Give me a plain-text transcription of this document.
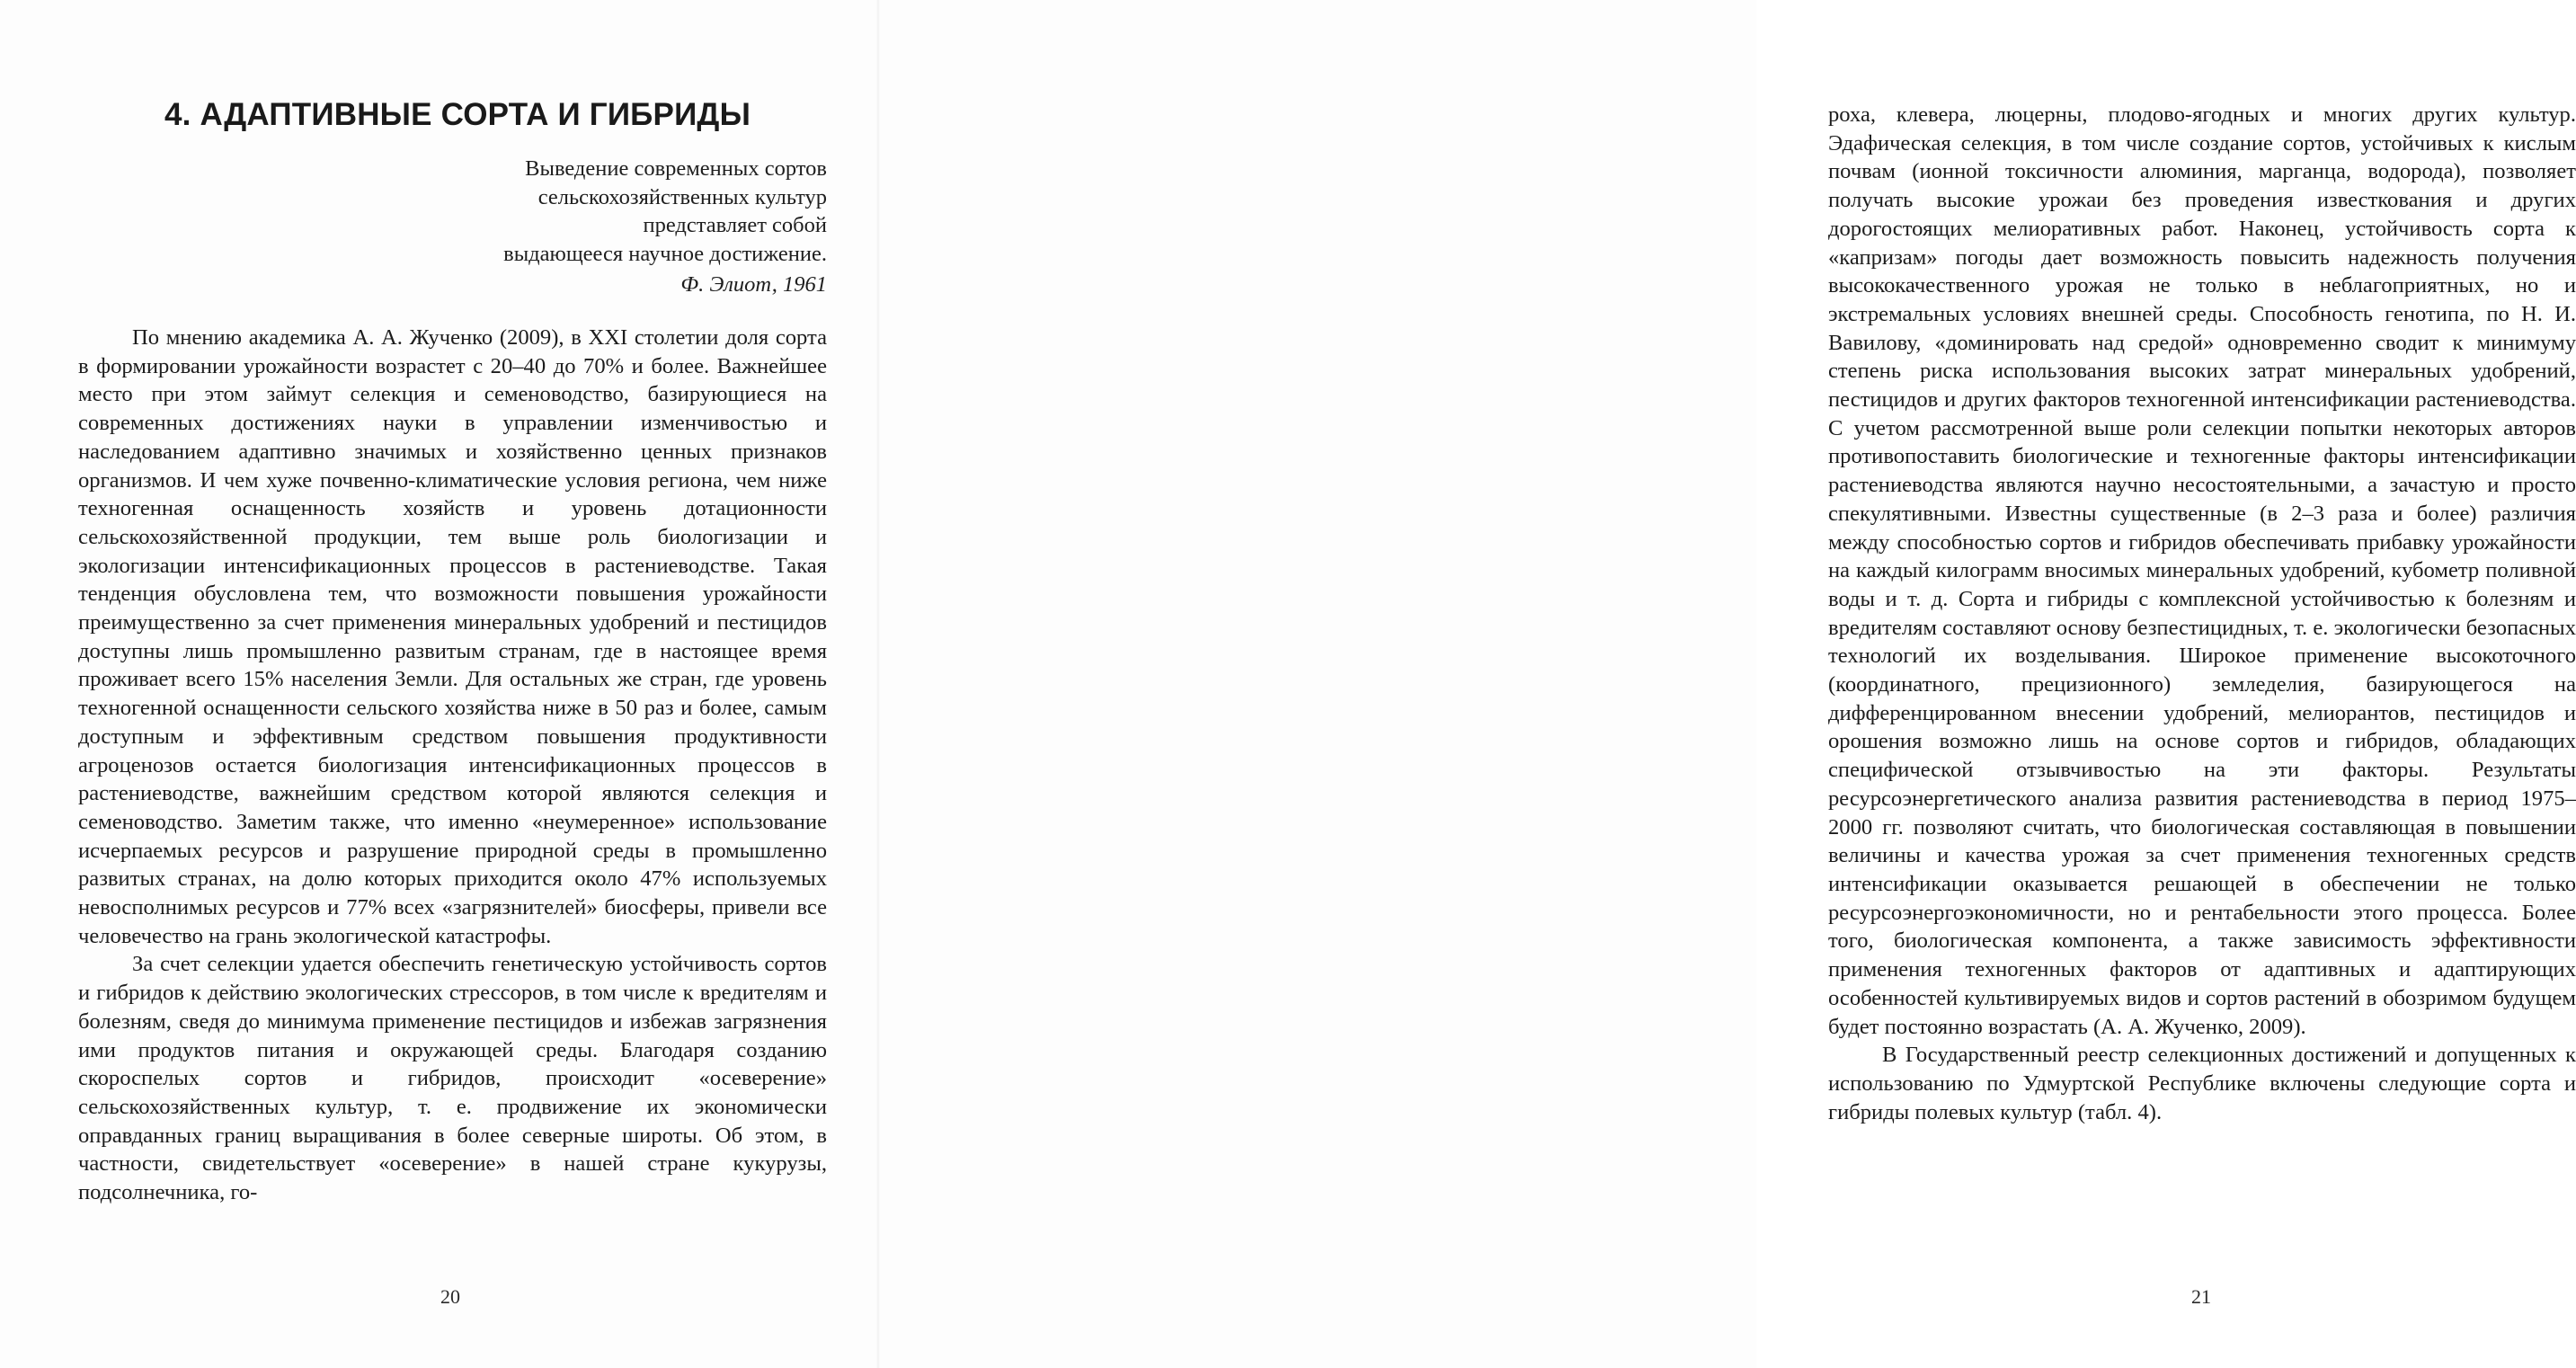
4. АДАПТИВНЫЕ СОРТА И ГИБРИДЫ
Выведение современных сортов
сельскохозяйственных культур
представляет собой
выдающееся научное достижение.
Ф. Элиот, 1961

По мнению академика А. А. Жученко (2009), в XXI столетии доля сорта в формировании урожайности возрастет с 20–40 до 70% и более. Важнейшее место при этом займут селекция и семеноводство, базирующиеся на современных достижениях науки в управлении изменчивостью и наследованием адаптивно значимых и хозяйственно ценных признаков организмов. И чем хуже почвенно-климатические условия региона, чем ниже техногенная оснащенность хозяйств и уровень дотационности сельскохозяйственной продукции, тем выше роль биологизации и экологизации интенсификационных процессов в растениеводстве. Такая тенденция обусловлена тем, что возможности повышения урожайности преимущественно за счет применения минеральных удобрений и пестицидов доступны лишь промышленно развитым странам, где в настоящее время проживает всего 15% населения Земли. Для остальных же стран, где уровень техногенной оснащенности сельского хозяйства ниже в 50 раз и более, самым доступным и эффективным средством повышения продуктивности агроценозов остается биологизация интенсификационных процессов в растениеводстве, важнейшим средством которой являются селекция и семеноводство. Заметим также, что именно «неумеренное» использование исчерпаемых ресурсов и разрушение природной среды в промышленно развитых странах, на долю которых приходится около 47% используемых невосполнимых ресурсов и 77% всех «загрязнителей» биосферы, привели все человечество на грань экологической катастрофы.

За счет селекции удается обеспечить генетическую устойчивость сортов и гибридов к действию экологических стрессоров, в том числе к вредителям и болезням, сведя до минимума применение пестицидов и избежав загрязнения ими продуктов питания и окружающей среды. Благодаря созданию скороспелых сортов и гибридов, происходит «осеверение» сельскохозяйственных культур, т. е. продвижение их экономически оправданных границ выращивания в более северные широты. Об этом, в частности, свидетельствует «осеверение» в нашей стране кукурузы, подсолнечника, го-

20

роха, клевера, люцерны, плодово-ягодных и многих других культур. Эдафическая селекция, в том числе создание сортов, устойчивых к кислым почвам (ионной токсичности алюминия, марганца, водорода), позволяет получать высокие урожаи без проведения известкования и других дорогостоящих мелиоративных работ. Наконец, устойчивость сорта к «капризам» погоды дает возможность повысить надежность получения высококачественного урожая не только в неблагоприятных, но и экстремальных условиях внешней среды. Способность генотипа, по Н. И. Вавилову, «доминировать над средой» одновременно сводит к минимуму степень риска использования высоких затрат минеральных удобрений, пестицидов и других факторов техногенной интенсификации растениеводства. С учетом рассмотренной выше роли селекции попытки некоторых авторов противопоставить биологические и техногенные факторы интенсификации растениеводства являются научно несостоятельными, а зачастую и просто спекулятивными. Известны существенные (в 2–3 раза и более) различия между способностью сортов и гибридов обеспечивать прибавку урожайности на каждый килограмм вносимых минеральных удобрений, кубометр поливной воды и т. д. Сорта и гибриды с комплексной устойчивостью к болезням и вредителям составляют основу безпестицидных, т. е. экологически безопасных технологий их возделывания. Широкое применение высокоточного (координатного, прецизионного) земледелия, базирующегося на дифференцированном внесении удобрений, мелиорантов, пестицидов и орошения возможно лишь на основе сортов и гибридов, обладающих специфической отзывчивостью на эти факторы. Результаты ресурсоэнергетического анализа развития растениеводства в период 1975–2000 гг. позволяют считать, что биологическая составляющая в повышении величины и качества урожая за счет применения техногенных средств интенсификации оказывается решающей в обеспечении не только ресурсоэнергоэкономичности, но и рентабельности этого процесса. Более того, биологическая компонента, а также зависимость эффективности применения техногенных факторов от адаптивных и адаптирующих особенностей культивируемых видов и сортов растений в обозримом будущем будет постоянно возрастать (А. А. Жученко, 2009).

В Государственный реестр селекционных достижений и допущенных к использованию по Удмуртской Республике включены следующие сорта и гибриды полевых культур (табл. 4).

21
